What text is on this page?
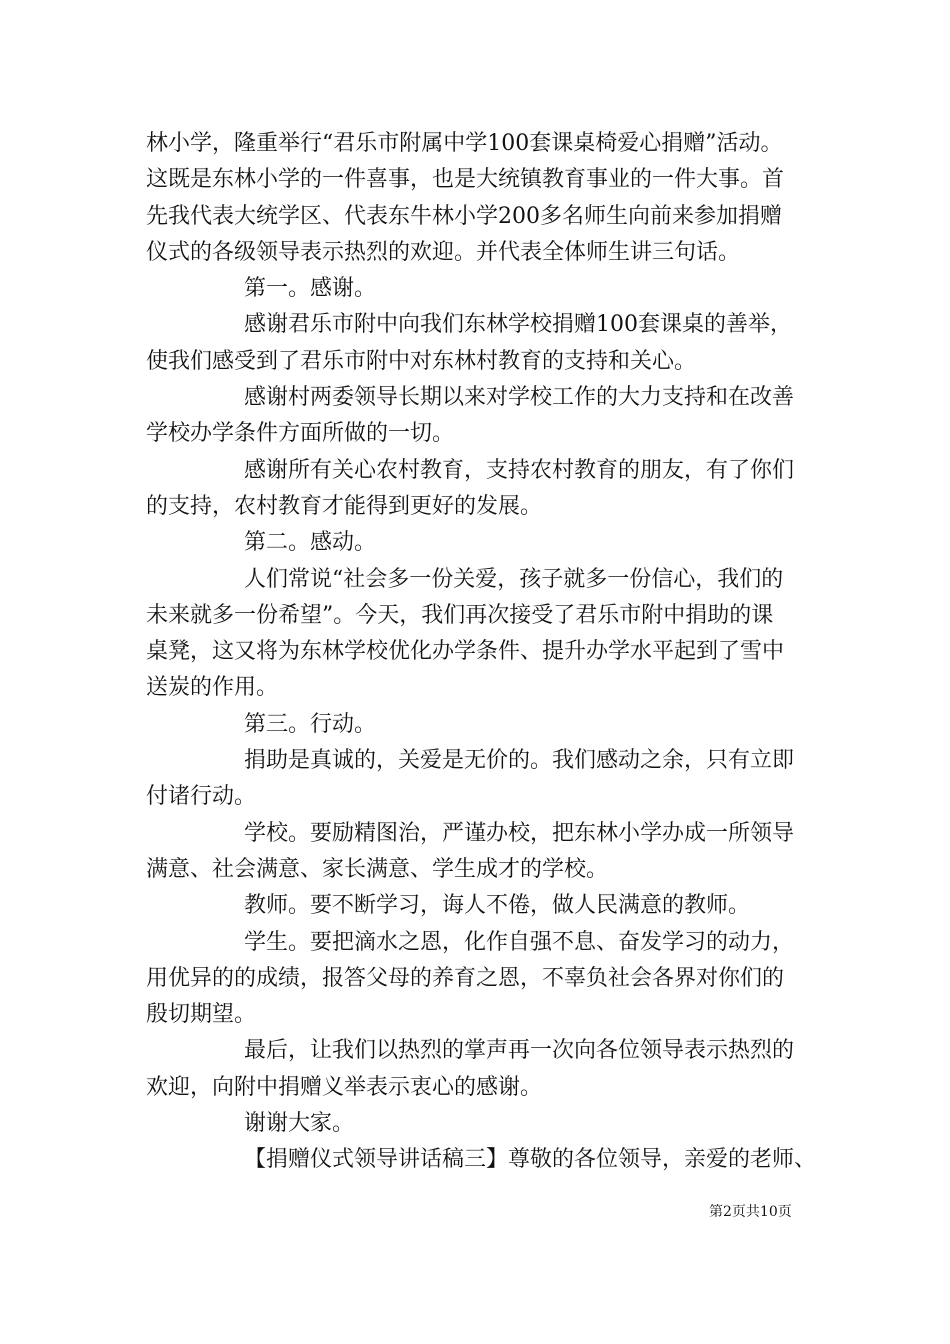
林小学，隆重举行“君乐市附属中学100套课桌椅爱心捐赠”活动。
这既是东林小学的一件喜事，也是大统镇教育事业的一件大事。首
先我代表大统学区、代表东牛林小学200多名师生向前来参加捐赠
仪式的各级领导表示热烈的欢迎。并代表全体师生讲三句话。
第一。感谢。
感谢君乐市附中向我们东林学校捐赠100套课桌的善举，
使我们感受到了君乐市附中对东林村教育的支持和关心。
感谢村两委领导长期以来对学校工作的大力支持和在改善
学校办学条件方面所做的一切。
感谢所有关心农村教育，支持农村教育的朋友，有了你们
的支持，农村教育才能得到更好的发展。
第二。感动。
人们常说“社会多一份关爱，孩子就多一份信心，我们的
未来就多一份希望”。今天，我们再次接受了君乐市附中捐助的课
桌凳，这又将为东林学校优化办学条件、提升办学水平起到了雪中
送炭的作用。
第三。行动。
捐助是真诚的，关爱是无价的。我们感动之余，只有立即
付诸行动。
学校。要励精图治，严谨办校，把东林小学办成一所领导
满意、社会满意、家长满意、学生成才的学校。
教师。要不断学习，诲人不倦，做人民满意的教师。
学生。要把滴水之恩，化作自强不息、奋发学习的动力，
用优异的的成绩，报答父母的养育之恩，不辜负社会各界对你们的
殷切期望。
最后，让我们以热烈的掌声再一次向各位领导表示热烈的
欢迎，向附中捐赠义举表示衷心的感谢。
谢谢大家。
【捐赠仪式领导讲话稿三】尊敬的各位领导，亲爱的老师、
第2页共10页
